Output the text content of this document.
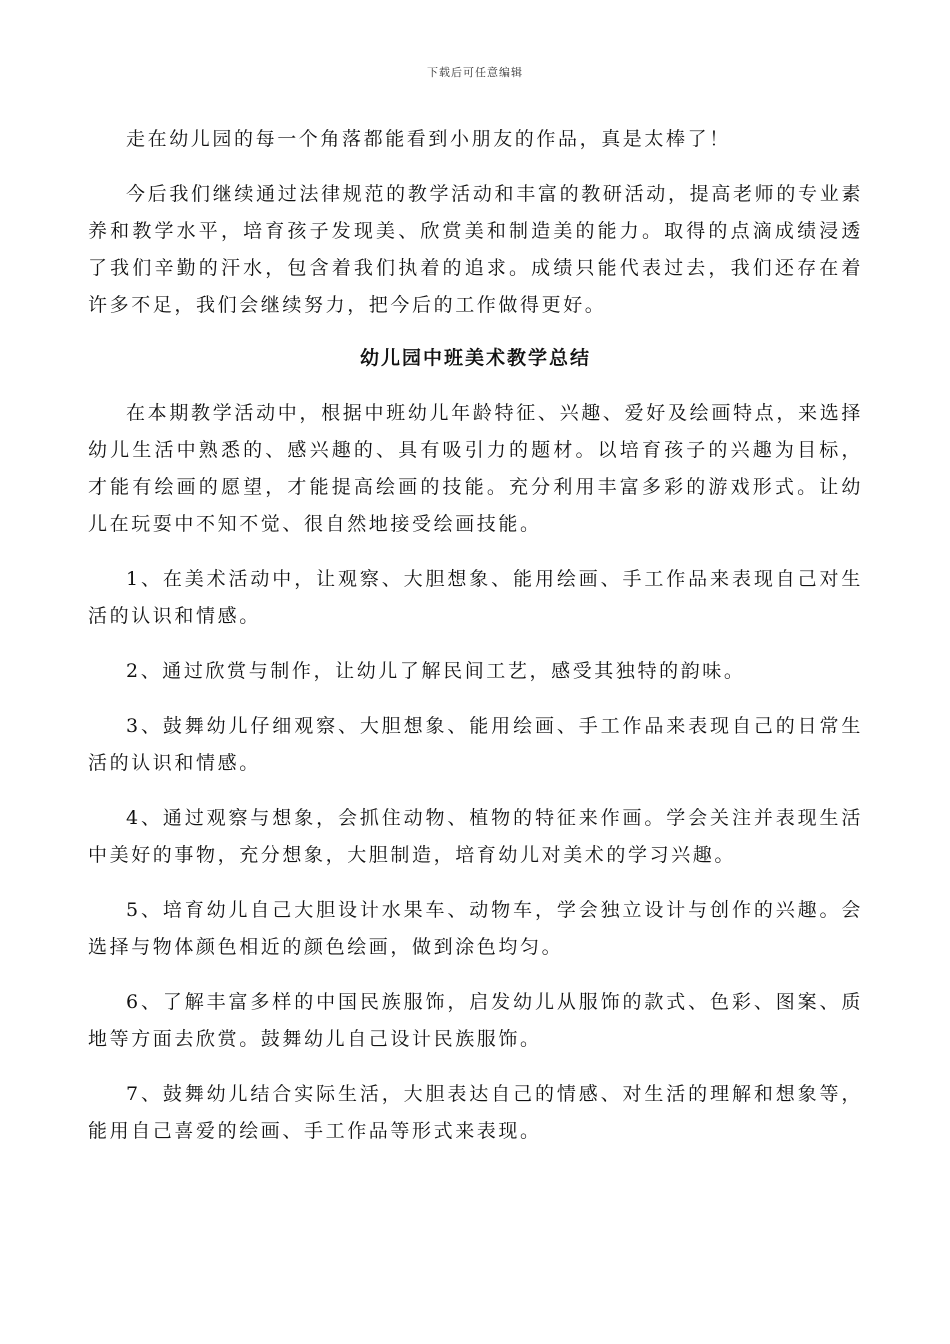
下载后可任意编辑

走在幼儿园的每一个角落都能看到小朋友的作品，真是太棒了！

今后我们继续通过法律规范的教学活动和丰富的教研活动，提高老师的专业素养和教学水平，培育孩子发现美、欣赏美和制造美的能力。取得的点滴成绩浸透了我们辛勤的汗水，包含着我们执着的追求。成绩只能代表过去，我们还存在着许多不足，我们会继续努力，把今后的工作做得更好。

幼儿园中班美术教学总结

在本期教学活动中，根据中班幼儿年龄特征、兴趣、爱好及绘画特点，来选择幼儿生活中熟悉的、感兴趣的、具有吸引力的题材。以培育孩子的兴趣为目标，才能有绘画的愿望，才能提高绘画的技能。充分利用丰富多彩的游戏形式。让幼儿在玩耍中不知不觉、很自然地接受绘画技能。

1、在美术活动中，让观察、大胆想象、能用绘画、手工作品来表现自己对生活的认识和情感。

2、通过欣赏与制作，让幼儿了解民间工艺，感受其独特的韵味。

3、鼓舞幼儿仔细观察、大胆想象、能用绘画、手工作品来表现自己的日常生活的认识和情感。

4、通过观察与想象，会抓住动物、植物的特征来作画。学会关注并表现生活中美好的事物，充分想象，大胆制造，培育幼儿对美术的学习兴趣。

5、培育幼儿自己大胆设计水果车、动物车，学会独立设计与创作的兴趣。会选择与物体颜色相近的颜色绘画，做到涂色均匀。

6、了解丰富多样的中国民族服饰，启发幼儿从服饰的款式、色彩、图案、质地等方面去欣赏。鼓舞幼儿自己设计民族服饰。

7、鼓舞幼儿结合实际生活，大胆表达自己的情感、对生活的理解和想象等，能用自己喜爱的绘画、手工作品等形式来表现。
